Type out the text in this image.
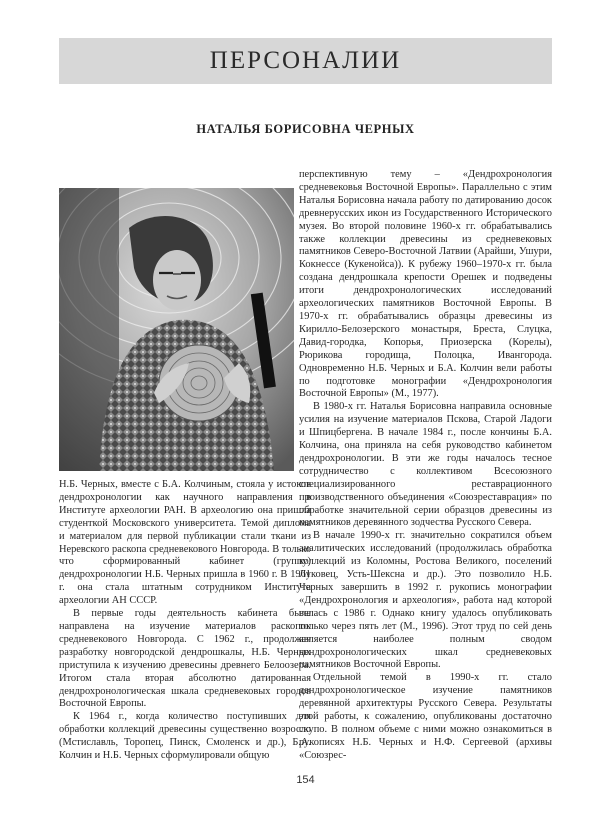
ПЕРСОНАЛИИ
НАТАЛЬЯ БОРИСОВНА ЧЕРНЫХ

Н.Б. Черных, вместе с Б.А. Колчиным, стояла у истоков дендрохронологии как научного направления в Институте археологии РАН. В археологию она пришла студенткой Московского университета. Темой диплома и материалом для первой публикации стали ткани из Неревского раскопа средневекового Новгорода. В только что сформированный кабинет (группу) дендрохронологии Н.Б. Черных пришла в 1960 г. В 1961 г. она стала штатным сотрудником Института археологии АН СССР.

В первые годы деятельность кабинета была направлена на изучение материалов раскопок средневекового Новгорода. С 1962 г., продолжая разработку новгородской дендрошкалы, Н.Б. Черных приступила к изучению древесины древнего Белоозера. Итогом стала вторая абсолютно датированная дендрохронологическая шкала средневековых городов Восточной Европы.

К 1964 г., когда количество поступивших для обработки коллекций древесины существенно возросло (Мстиславль, Торопец, Пинск, Смоленск и др.), Б.А. Колчин и Н.Б. Черных сформулировали общую

перспективную тему – «Дендрохронология средневековья Восточной Европы». Параллельно с этим Наталья Борисовна начала работу по датированию досок древнерусских икон из Государственного Исторического музея. Во второй половине 1960-х гг. обрабатывались также коллекции древесины из средневековых памятников Северо-Восточной Латвии (Арайши, Ушури, Кокнессе (Кукенойса)). К рубежу 1960–1970-х гг. была создана дендрошкала крепости Орешек и подведены итоги дендрохронологических исследований археологических памятников Восточной Европы. В 1970-х гг. обрабатывались образцы древесины из Кирилло-Белозерского монастыря, Бреста, Слуцка, Давид-городка, Копорья, Приозерска (Корелы), Рюрикова городища, Полоцка, Ивангорода. Одновременно Н.Б. Черных и Б.А. Колчин вели работы по подготовке монографии «Дендрохронология Восточной Европы» (М., 1977).

В 1980-х гг. Наталья Борисовна направила основные усилия на изучение материалов Пскова, Старой Ладоги и Шпицбергена. В начале 1984 г., после кончины Б.А. Колчина, она приняла на себя руководство кабинетом дендрохронологии. В эти же годы началось тесное сотрудничество с коллективом Всесоюзного специализированного реставрационного производственного объединения «Союзреставрация» по обработке значительной серии образцов древесины из памятников деревянного зодчества Русского Севера.

В начале 1990-х гг. значительно сократился объем аналитических исследований (продолжилась обработка коллекций из Коломны, Ростова Великого, поселений Луковец, Усть-Шексна и др.). Это позволило Н.Б. Черных завершить в 1992 г. рукопись монографии «Дендрохронология и археология», работа над которой велась с 1986 г. Однако книгу удалось опубликовать только через пять лет (М., 1996). Этот труд по сей день является наиболее полным сводом дендрохронологических шкал средневековых памятников Восточной Европы.

Отдельной темой в 1990-х гг. стало дендрохронологическое изучение памятников деревянной архитектуры Русского Севера. Результаты этой работы, к сожалению, опубликованы достаточно скупо. В полном объеме с ними можно ознакомиться в рукописях Н.Б. Черных и Н.Ф. Сергеевой (архивы «Союзрес-

154
